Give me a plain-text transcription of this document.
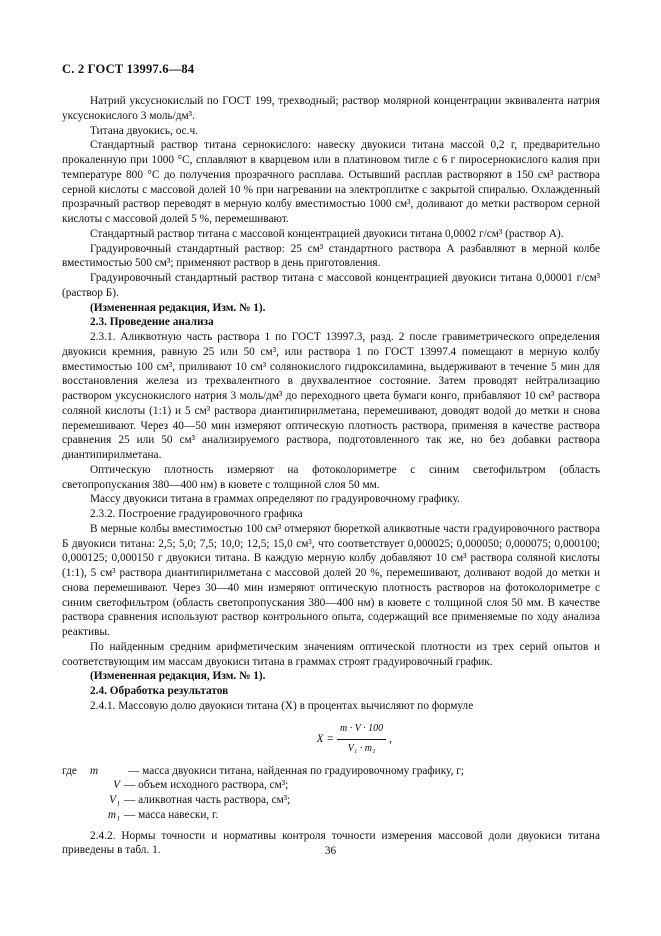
С. 2 ГОСТ 13997.6—84

Натрий уксуснокислый по ГОСТ 199, трехводный; раствор молярной концентрации эквивалента натрия уксуснокислого 3 моль/дм³.

Титана двуокись, ос.ч.

Стандартный раствор титана сернокислого: навеску двуокиси титана массой 0,2 г, предварительно прокаленную при 1000 °С, сплавляют в кварцевом или в платиновом тигле с 6 г пиросернокислого калия при температуре 800 °С до получения прозрачного расплава. Остывший расплав растворяют в 150 см³ раствора серной кислоты с массовой долей 10 % при нагревании на электроплитке с закрытой спиралью. Охлажденный прозрачный раствор переводят в мерную колбу вместимостью 1000 см³, доливают до метки раствором серной кислоты с массовой долей 5 %, перемешивают.

Стандартный раствор титана с массовой концентрацией двуокиси титана 0,0002 г/см³ (раствор А).

Градуировочный стандартный раствор: 25 см³ стандартного раствора А разбавляют в мерной колбе вместимостью 500 см³; применяют раствор в день приготовления.

Градуировочный стандартный раствор титана с массовой концентрацией двуокиси титана 0,00001 г/см³ (раствор Б).

(Измененная редакция, Изм. № 1).

2.3. Проведение анализа

2.3.1. Аликвотную часть раствора 1 по ГОСТ 13997.3, разд. 2 после гравиметрического определения двуокиси кремния, равную 25 или 50 см³, или раствора 1 по ГОСТ 13997.4 помещают в мерную колбу вместимостью 100 см³, приливают 10 см³ солянокислого гидроксиламина, выдерживают в течение 5 мин для восстановления железа из трехвалентного в двухвалентное состояние. Затем проводят нейтрализацию раствором уксуснокислого натрия 3 моль/дм³ до переходного цвета бумаги конго, прибавляют 10 см³ раствора соляной кислоты (1:1) и 5 см³ раствора диантипирилметана, перемешивают, доводят водой до метки и снова перемешивают. Через 40—50 мин измеряют оптическую плотность раствора, применяя в качестве раствора сравнения 25 или 50 см³ анализируемого раствора, подготовленного так же, но без добавки раствора диантипирилметана.

Оптическую плотность измеряют на фотоколориметре с синим светофильтром (область светопропускания 380—400 нм) в кювете с толщиной слоя 50 мм.

Массу двуокиси титана в граммах определяют по градуировочному графику.

2.3.2. Построение градуировочного графика

В мерные колбы вместимостью 100 см³ отмеряют бюреткой аликвотные части градуировочного раствора Б двуокиси титана: 2,5; 5,0; 7,5; 10,0; 12,5; 15,0 см³, что соответствует 0,000025; 0,000050; 0,000075; 0,000100; 0,000125; 0,000150 г двуокиси титана. В каждую мерную колбу добавляют 10 см³ раствора соляной кислоты (1:1), 5 см³ раствора диантипирилметана с массовой долей 20 %, перемешивают, доливают водой до метки и снова перемешивают. Через 30—40 мин измеряют оптическую плотность растворов на фотоколориметре с синим светофильтром (область светопропускания 380—400 нм) в кювете с толщиной слоя 50 мм. В качестве раствора сравнения используют раствор контрольного опыта, содержащий все применяемые по ходу анализа реактивы.

По найденным средним арифметическим значениям оптической плотности из трех серий опытов и соответствующим им массам двуокиси титана в граммах строят градуировочный график.

(Измененная редакция, Изм. № 1).

2.4. Обработка результатов

2.4.1. Массовую долю двуокиси титана (X) в процентах вычисляют по формуле

$X = \frac{m \cdot V \cdot 100}{\text{V₁ · m₁}}$ ,
где	m	— масса двуокиси титана, найденная по градуировочному графику, г;
V — объем исходного раствора, см³;
V₁ — аликвотная часть раствора, см³;
m₁ — масса навески, г.

2.4.2. Нормы точности и нормативы контроля точности измерения массовой доли двуокиси титана приведены в табл. 1.	36
